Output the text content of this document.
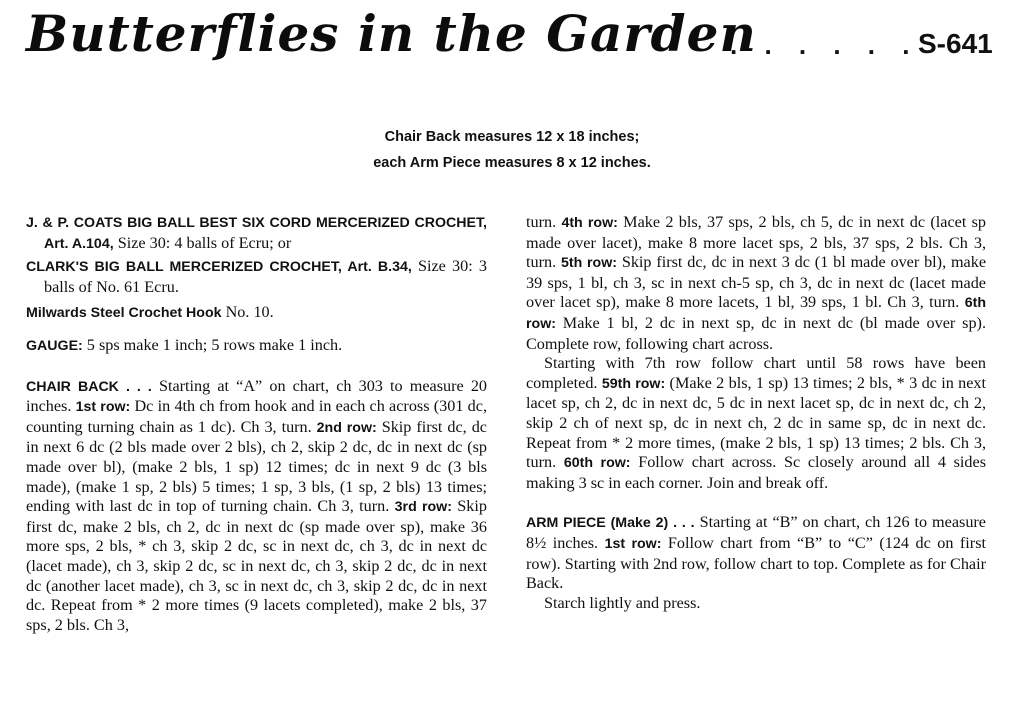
Butterflies in the Garden
. . . . . .
S-641
Chair Back measures 12 x 18 inches;
each Arm Piece measures 8 x 12 inches.

J. & P. COATS BIG BALL BEST SIX CORD MERCERIZED CROCHET, Art. A.104, Size 30: 4 balls of Ecru; or

CLARK'S BIG BALL MERCERIZED CROCHET, Art. B.34, Size 30: 3 balls of No. 61 Ecru.

Milwards Steel Crochet Hook No. 10.

GAUGE: 5 sps make 1 inch; 5 rows make 1 inch.

CHAIR BACK . . . Starting at “A” on chart, ch 303 to measure 20 inches. 1st row: Dc in 4th ch from hook and in each ch across (301 dc, counting turning chain as 1 dc). Ch 3, turn. 2nd row: Skip first dc, dc in next 6 dc (2 bls made over 2 bls), ch 2, skip 2 dc, dc in next dc (sp made over bl), (make 2 bls, 1 sp) 12 times; dc in next 9 dc (3 bls made), (make 1 sp, 2 bls) 5 times; 1 sp, 3 bls, (1 sp, 2 bls) 13 times; ending with last dc in top of turning chain. Ch 3, turn. 3rd row: Skip first dc, make 2 bls, ch 2, dc in next dc (sp made over sp), make 36 more sps, 2 bls, * ch 3, skip 2 dc, sc in next dc, ch 3, dc in next dc (lacet made), ch 3, skip 2 dc, sc in next dc, ch 3, skip 2 dc, dc in next dc (another lacet made), ch 3, sc in next dc, ch 3, skip 2 dc, dc in next dc. Repeat from * 2 more times (9 lacets completed), make 2 bls, 37 sps, 2 bls. Ch 3,

turn. 4th row: Make 2 bls, 37 sps, 2 bls, ch 5, dc in next dc (lacet sp made over lacet), make 8 more lacet sps, 2 bls, 37 sps, 2 bls. Ch 3, turn. 5th row: Skip first dc, dc in next 3 dc (1 bl made over bl), make 39 sps, 1 bl, ch 3, sc in next ch-5 sp, ch 3, dc in next dc (lacet made over lacet sp), make 8 more lacets, 1 bl, 39 sps, 1 bl. Ch 3, turn. 6th row: Make 1 bl, 2 dc in next sp, dc in next dc (bl made over sp). Complete row, following chart across.

Starting with 7th row follow chart until 58 rows have been completed. 59th row: (Make 2 bls, 1 sp) 13 times; 2 bls, * 3 dc in next lacet sp, ch 2, dc in next dc, 5 dc in next lacet sp, dc in next dc, ch 2, skip 2 ch of next sp, dc in next ch, 2 dc in same sp, dc in next dc. Repeat from * 2 more times, (make 2 bls, 1 sp) 13 times; 2 bls. Ch 3, turn. 60th row: Follow chart across. Sc closely around all 4 sides making 3 sc in each corner. Join and break off.

ARM PIECE (Make 2) . . . Starting at “B” on chart, ch 126 to measure 8½ inches. 1st row: Follow chart from “B” to “C” (124 dc on first row). Starting with 2nd row, follow chart to top. Complete as for Chair Back.

Starch lightly and press.
